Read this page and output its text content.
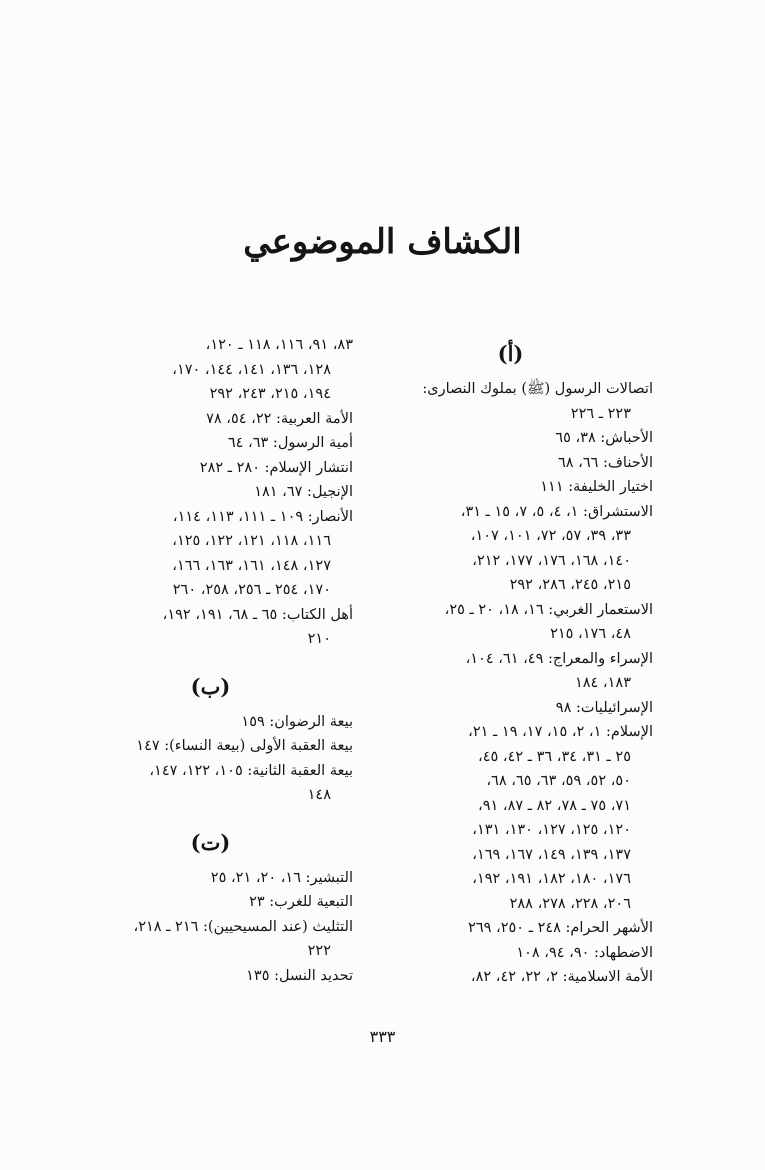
الكشاف الموضوعي
(أ)
اتصالات الرسول (ﷺ) بملوك النصارى:
٢٢٣ ـ ٢٢٦
الأحباش: ٣٨، ٦٥
الأحناف: ٦٦، ٦٨
اختيار الخليفة: ١١١
الاستشراق: ١، ٤، ٥، ٧، ١٥ ـ ٣١،
٣٣، ٣٩، ٥٧، ٧٢، ١٠١، ١٠٧،
١٤٠، ١٦٨، ١٧٦، ١٧٧، ٢١٢،
٢١٥، ٢٤٥، ٢٨٦، ٢٩٢
الاستعمار الغربي: ١٦، ١٨، ٢٠ ـ ٢٥،
٤٨، ١٧٦، ٢١٥
الإسراء والمعراج: ٤٩، ٦١، ١٠٤،
١٨٣، ١٨٤
الإسرائيليات: ٩٨
الإسلام: ١، ٢، ١٥، ١٧، ١٩ ـ ٢١،
٢٥ ـ ٣١، ٣٤، ٣٦ ـ ٤٢، ٤٥،
٥٠، ٥٢، ٥٩، ٦٣، ٦٥، ٦٨،
٧١، ٧٥ ـ ٧٨، ٨٢ ـ ٨٧، ٩١،
١٢٠، ١٢٥، ١٢٧، ١٣٠، ١٣١،
١٣٧، ١٣٩، ١٤٩، ١٦٧، ١٦٩،
١٧٦، ١٨٠، ١٨٢، ١٩١، ١٩٢،
٢٠٦، ٢٢٨، ٢٧٨، ٢٨٨
الأشهر الحرام: ٢٤٨ ـ ٢٥٠، ٢٦٩
الاضطهاد: ٩٠، ٩٤، ١٠٨
الأمة الاسلامية: ٢، ٢٢، ٤٢، ٨٢،
٨٣، ٩١، ١١٦، ١١٨ ـ ١٢٠،
١٢٨، ١٣٦، ١٤١، ١٤٤، ١٧٠،
١٩٤، ٢١٥، ٢٤٣، ٢٩٢
الأمة العربية: ٢٢، ٥٤، ٧٨
أمية الرسول: ٦٣، ٦٤
انتشار الإسلام: ٢٨٠ ـ ٢٨٢
الإنجيل: ٦٧، ١٨١
الأنصار: ١٠٩ ـ ١١١، ١١٣، ١١٤،
١١٦، ١١٨، ١٢١، ١٢٢، ١٢٥،
١٢٧، ١٤٨، ١٦١، ١٦٣، ١٦٦،
١٧٠، ٢٥٤ ـ ٢٥٦، ٢٥٨، ٢٦٠
أهل الكتاب: ٦٥ ـ ٦٨، ١٩١، ١٩٢،
٢١٠
(ب)
بيعة الرضوان: ١٥٩
بيعة العقبة الأولى (بيعة النساء): ١٤٧
بيعة العقبة الثانية: ١٠٥، ١٢٢، ١٤٧،
١٤٨
(ت)
التبشير: ١٦، ٢٠، ٢١، ٢٥
التبعية للغرب: ٢٣
التثليث (عند المسيحيين): ٢١٦ ـ ٢١٨،
٢٢٢
تحديد النسل: ١٣٥
٣٣٣
